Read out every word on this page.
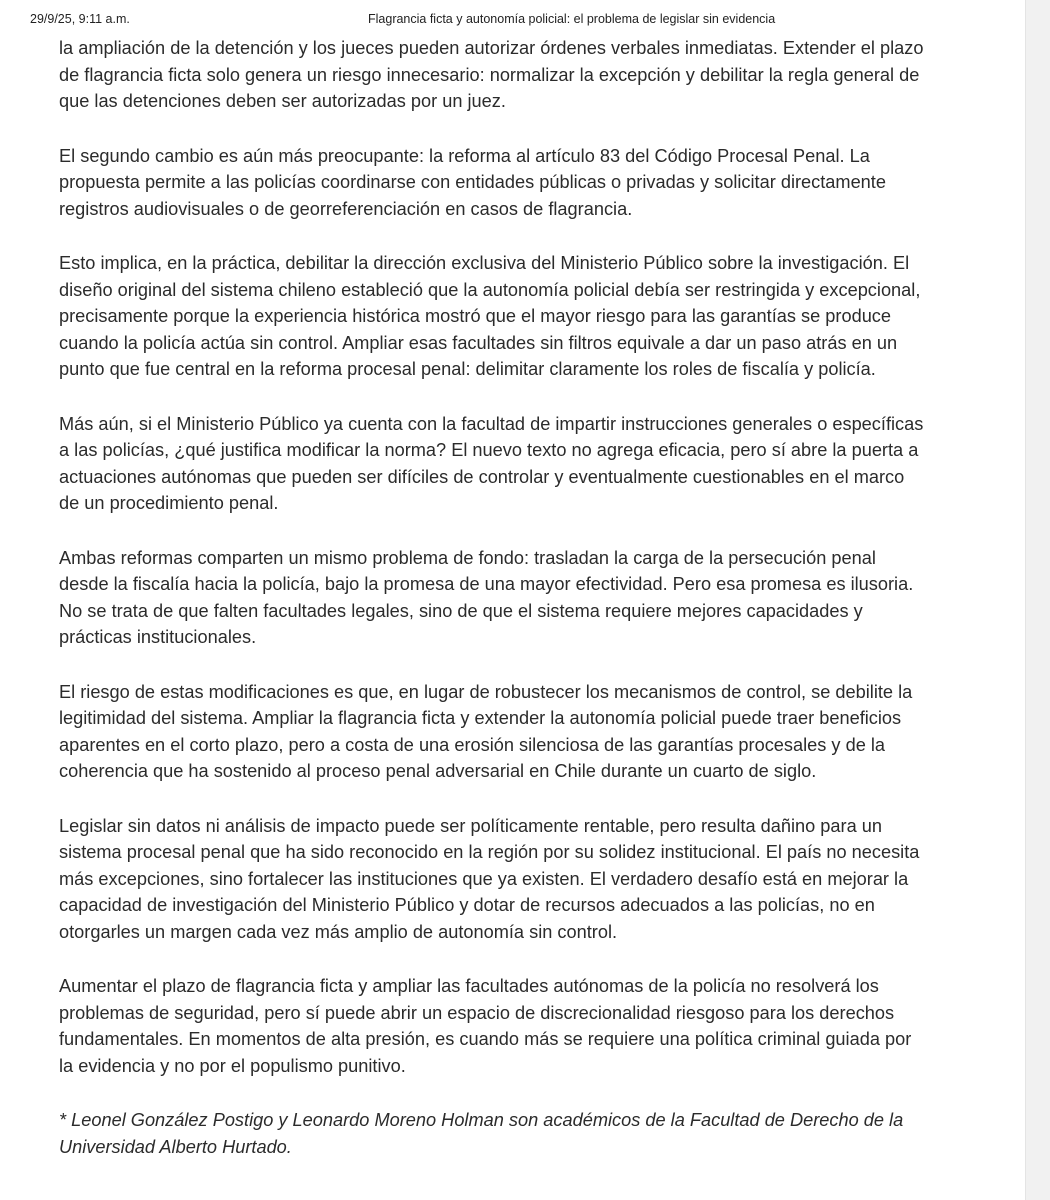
29/9/25, 9:11 a.m.	Flagrancia ficta y autonomía policial: el problema de legislar sin evidencia

la ampliación de la detención y los jueces pueden autorizar órdenes verbales inmediatas. Extender el plazo
de flagrancia ficta solo genera un riesgo innecesario: normalizar la excepción y debilitar la regla general de
que las detenciones deben ser autorizadas por un juez.

El segundo cambio es aún más preocupante: la reforma al artículo 83 del Código Procesal Penal. La
propuesta permite a las policías coordinarse con entidades públicas o privadas y solicitar directamente
registros audiovisuales o de georreferenciación en casos de flagrancia.

Esto implica, en la práctica, debilitar la dirección exclusiva del Ministerio Público sobre la investigación. El
diseño original del sistema chileno estableció que la autonomía policial debía ser restringida y excepcional,
precisamente porque la experiencia histórica mostró que el mayor riesgo para las garantías se produce
cuando la policía actúa sin control. Ampliar esas facultades sin filtros equivale a dar un paso atrás en un
punto que fue central en la reforma procesal penal: delimitar claramente los roles de fiscalía y policía.

Más aún, si el Ministerio Público ya cuenta con la facultad de impartir instrucciones generales o específicas
a las policías, ¿qué justifica modificar la norma? El nuevo texto no agrega eficacia, pero sí abre la puerta a
actuaciones autónomas que pueden ser difíciles de controlar y eventualmente cuestionables en el marco
de un procedimiento penal.

Ambas reformas comparten un mismo problema de fondo: trasladan la carga de la persecución penal
desde la fiscalía hacia la policía, bajo la promesa de una mayor efectividad. Pero esa promesa es ilusoria.
No se trata de que falten facultades legales, sino de que el sistema requiere mejores capacidades y
prácticas institucionales.

El riesgo de estas modificaciones es que, en lugar de robustecer los mecanismos de control, se debilite la
legitimidad del sistema. Ampliar la flagrancia ficta y extender la autonomía policial puede traer beneficios
aparentes en el corto plazo, pero a costa de una erosión silenciosa de las garantías procesales y de la
coherencia que ha sostenido al proceso penal adversarial en Chile durante un cuarto de siglo.

Legislar sin datos ni análisis de impacto puede ser políticamente rentable, pero resulta dañino para un
sistema procesal penal que ha sido reconocido en la región por su solidez institucional. El país no necesita
más excepciones, sino fortalecer las instituciones que ya existen. El verdadero desafío está en mejorar la
capacidad de investigación del Ministerio Público y dotar de recursos adecuados a las policías, no en
otorgarles un margen cada vez más amplio de autonomía sin control.

Aumentar el plazo de flagrancia ficta y ampliar las facultades autónomas de la policía no resolverá los
problemas de seguridad, pero sí puede abrir un espacio de discrecionalidad riesgoso para los derechos
fundamentales. En momentos de alta presión, es cuando más se requiere una política criminal guiada por
la evidencia y no por el populismo punitivo.

* Leonel González Postigo y Leonardo Moreno Holman son académicos de la Facultad de Derecho de la
Universidad Alberto Hurtado.
